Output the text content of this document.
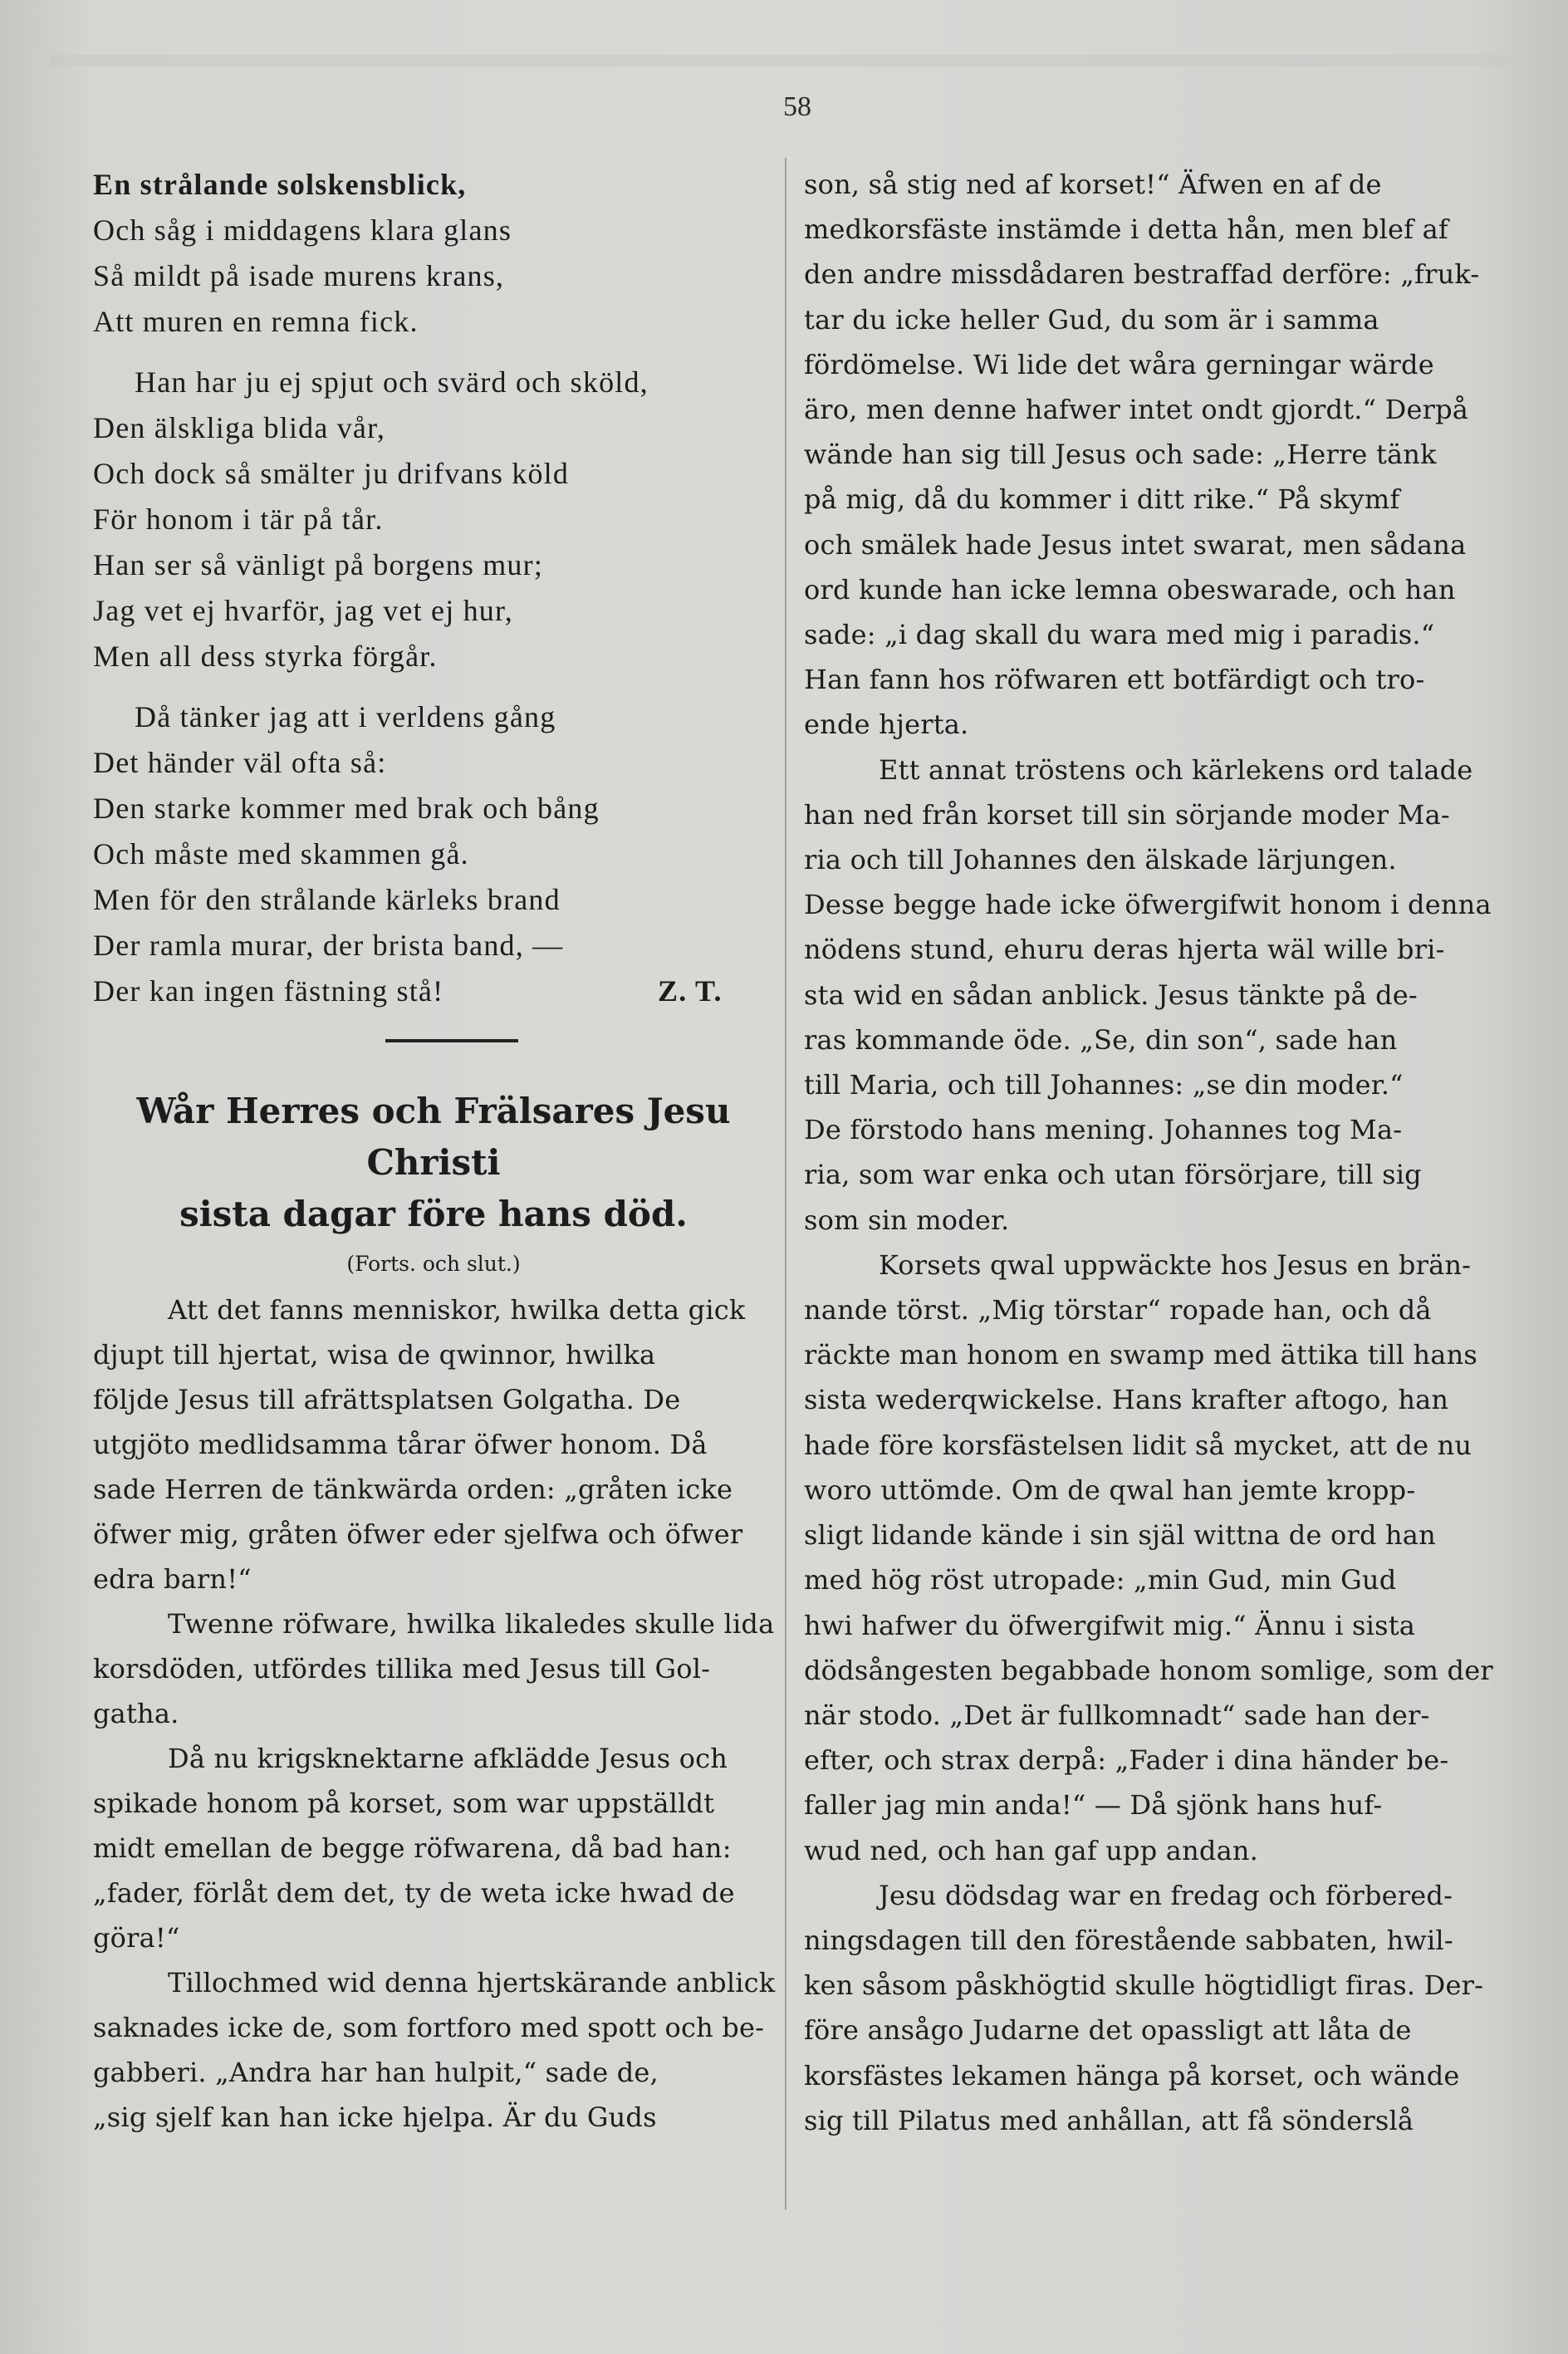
58
En strålande solskensblick,
Och såg i middagens klara glans
Så mildt på isade murens krans,
Att muren en remna fick.
Han har ju ej spjut och svärd och sköld,
Den älskliga blida vår,
Och dock så smälter ju drifvans köld
För honom i tär på tår.
Han ser så vänligt på borgens mur;
Jag vet ej hvarför, jag vet ej hur,
Men all dess styrka förgår.
Då tänker jag att i verldens gång
Det händer väl ofta så:
Den starke kommer med brak och bång
Och måste med skammen gå.
Men för den strålande kärleks brand
Der ramla murar, der brista band, —
Der kan ingen fästning stå!	Z. T.
Wår Herres och Frälsares Jesu Christi
sista dagar före hans död.
(Forts. och slut.)
Att det fanns menniskor, hwilka detta gick
djupt till hjertat, wisa de qwinnor, hwilka
följde Jesus till afrättsplatsen Golgatha. De
utgjöto medlidsamma tårar öfwer honom. Då
sade Herren de tänkwärda orden: „gråten icke
öfwer mig, gråten öfwer eder sjelfwa och öfwer
edra barn!“
Twenne röfware, hwilka likaledes skulle lida
korsdöden, utfördes tillika med Jesus till Gol-
gatha.
Då nu krigsknektarne afklädde Jesus och
spikade honom på korset, som war uppställdt
midt emellan de begge röfwarena, då bad han:
„fader, förlåt dem det, ty de weta icke hwad de
göra!“
Tillochmed wid denna hjertskärande anblick
saknades icke de, som fortforo med spott och be-
gabberi. „Andra har han hulpit,“ sade de,
„sig sjelf kan han icke hjelpa. Är du Guds
son, så stig ned af korset!“ Äfwen en af de
medkorsfäste instämde i detta hån, men blef af
den andre missdådaren bestraffad derföre: „fruk-
tar du icke heller Gud, du som är i samma
fördömelse. Wi lide det wåra gerningar wärde
äro, men denne hafwer intet ondt gjordt.“ Derpå
wände han sig till Jesus och sade: „Herre tänk
på mig, då du kommer i ditt rike.“ På skymf
och smälek hade Jesus intet swarat, men sådana
ord kunde han icke lemna obeswarade, och han
sade: „i dag skall du wara med mig i paradis.“
Han fann hos röfwaren ett botfärdigt och tro-
ende hjerta.
Ett annat tröstens och kärlekens ord talade
han ned från korset till sin sörjande moder Ma-
ria och till Johannes den älskade lärjungen.
Desse begge hade icke öfwergifwit honom i denna
nödens stund, ehuru deras hjerta wäl wille bri-
sta wid en sådan anblick. Jesus tänkte på de-
ras kommande öde. „Se, din son“, sade han
till Maria, och till Johannes: „se din moder.“
De förstodo hans mening. Johannes tog Ma-
ria, som war enka och utan försörjare, till sig
som sin moder.
Korsets qwal uppwäckte hos Jesus en brän-
nande törst. „Mig törstar“ ropade han, och då
räckte man honom en swamp med ättika till hans
sista wederqwickelse. Hans krafter aftogo, han
hade före korsfästelsen lidit så mycket, att de nu
woro uttömde. Om de qwal han jemte kropp-
sligt lidande kände i sin själ wittna de ord han
med hög röst utropade: „min Gud, min Gud
hwi hafwer du öfwergifwit mig.“ Ännu i sista
dödsångesten begabbade honom somlige, som der
när stodo. „Det är fullkomnadt“ sade han der-
efter, och strax derpå: „Fader i dina händer be-
faller jag min anda!“ — Då sjönk hans huf-
wud ned, och han gaf upp andan.
Jesu dödsdag war en fredag och förbered-
ningsdagen till den förestående sabbaten, hwil-
ken såsom påskhögtid skulle högtidligt firas. Der-
före ansågo Judarne det opassligt att låta de
korsfästes lekamen hänga på korset, och wände
sig till Pilatus med anhållan, att få sönderslå
